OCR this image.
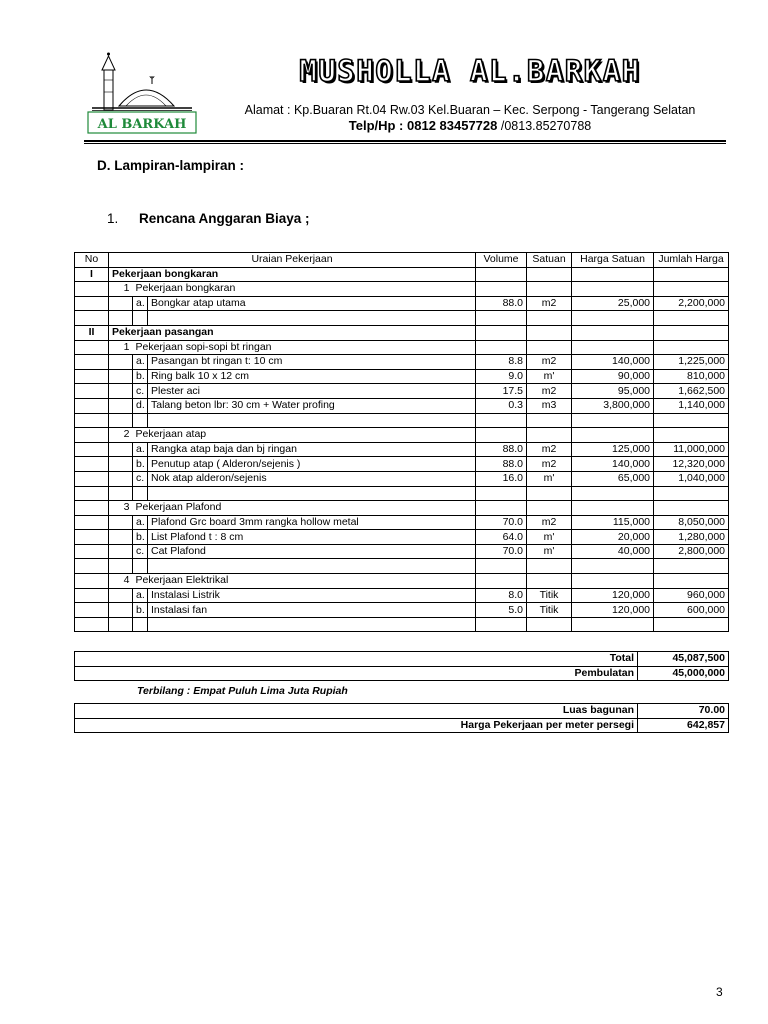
AL BARKAH
MUSHOLLA AL.BARKAH
Alamat : Kp.Buaran Rt.04 Rw.03 Kel.Buaran – Kec. Serpong - Tangerang Selatan
Telp/Hp : 0812 83457728 /0813.85270788
D. Lampiran-lampiran :
1. Rencana Anggaran Biaya ;
No	Uraian Pekerjaan			Volume	Satuan	Harga Satuan	Jumlah Harga
I	Pekerjaan bongkaran						
	1	Pekerjaan bongkaran					
		a.	Bongkar atap utama	88.0	m2	25,000	2,200,000

II	Pekerjaan pasangan						
	1	Pekerjaan sopi-sopi bt ringan					
		a.	Pasangan bt ringan t: 10 cm	8.8	m2	140,000	1,225,000
		b.	Ring balk 10 x 12 cm	9.0	m'	90,000	810,000
		c.	Plester aci	17.5	m2	95,000	1,662,500
		d.	Talang beton lbr: 30 cm + Water profing	0.3	m3	3,800,000	1,140,000

	2	Pekerjaan atap					
		a.	Rangka atap baja dan bj ringan	88.0	m2	125,000	11,000,000
		b.	Penutup atap ( Alderon/sejenis )	88.0	m2	140,000	12,320,000
		c.	Nok atap alderon/sejenis	16.0	m'	65,000	1,040,000

	3	Pekerjaan Plafond					
		a.	Plafond Grc board 3mm rangka hollow metal	70.0	m2	115,000	8,050,000
		b.	List Plafond t : 8 cm	64.0	m'	20,000	1,280,000
		c.	Cat Plafond	70.0	m'	40,000	2,800,000

	4	Pekerjaan Elektrikal					
		a.	Instalasi Listrik	8.0	Titik	120,000	960,000
		b.	Instalasi fan	5.0	Titik	120,000	600,000

Total	45,087,500
Pembulatan	45,000,000
Terbilang : Empat Puluh Lima Juta Rupiah
Luas bagunan	70.00
Harga Pekerjaan per meter persegi	642,857
3
